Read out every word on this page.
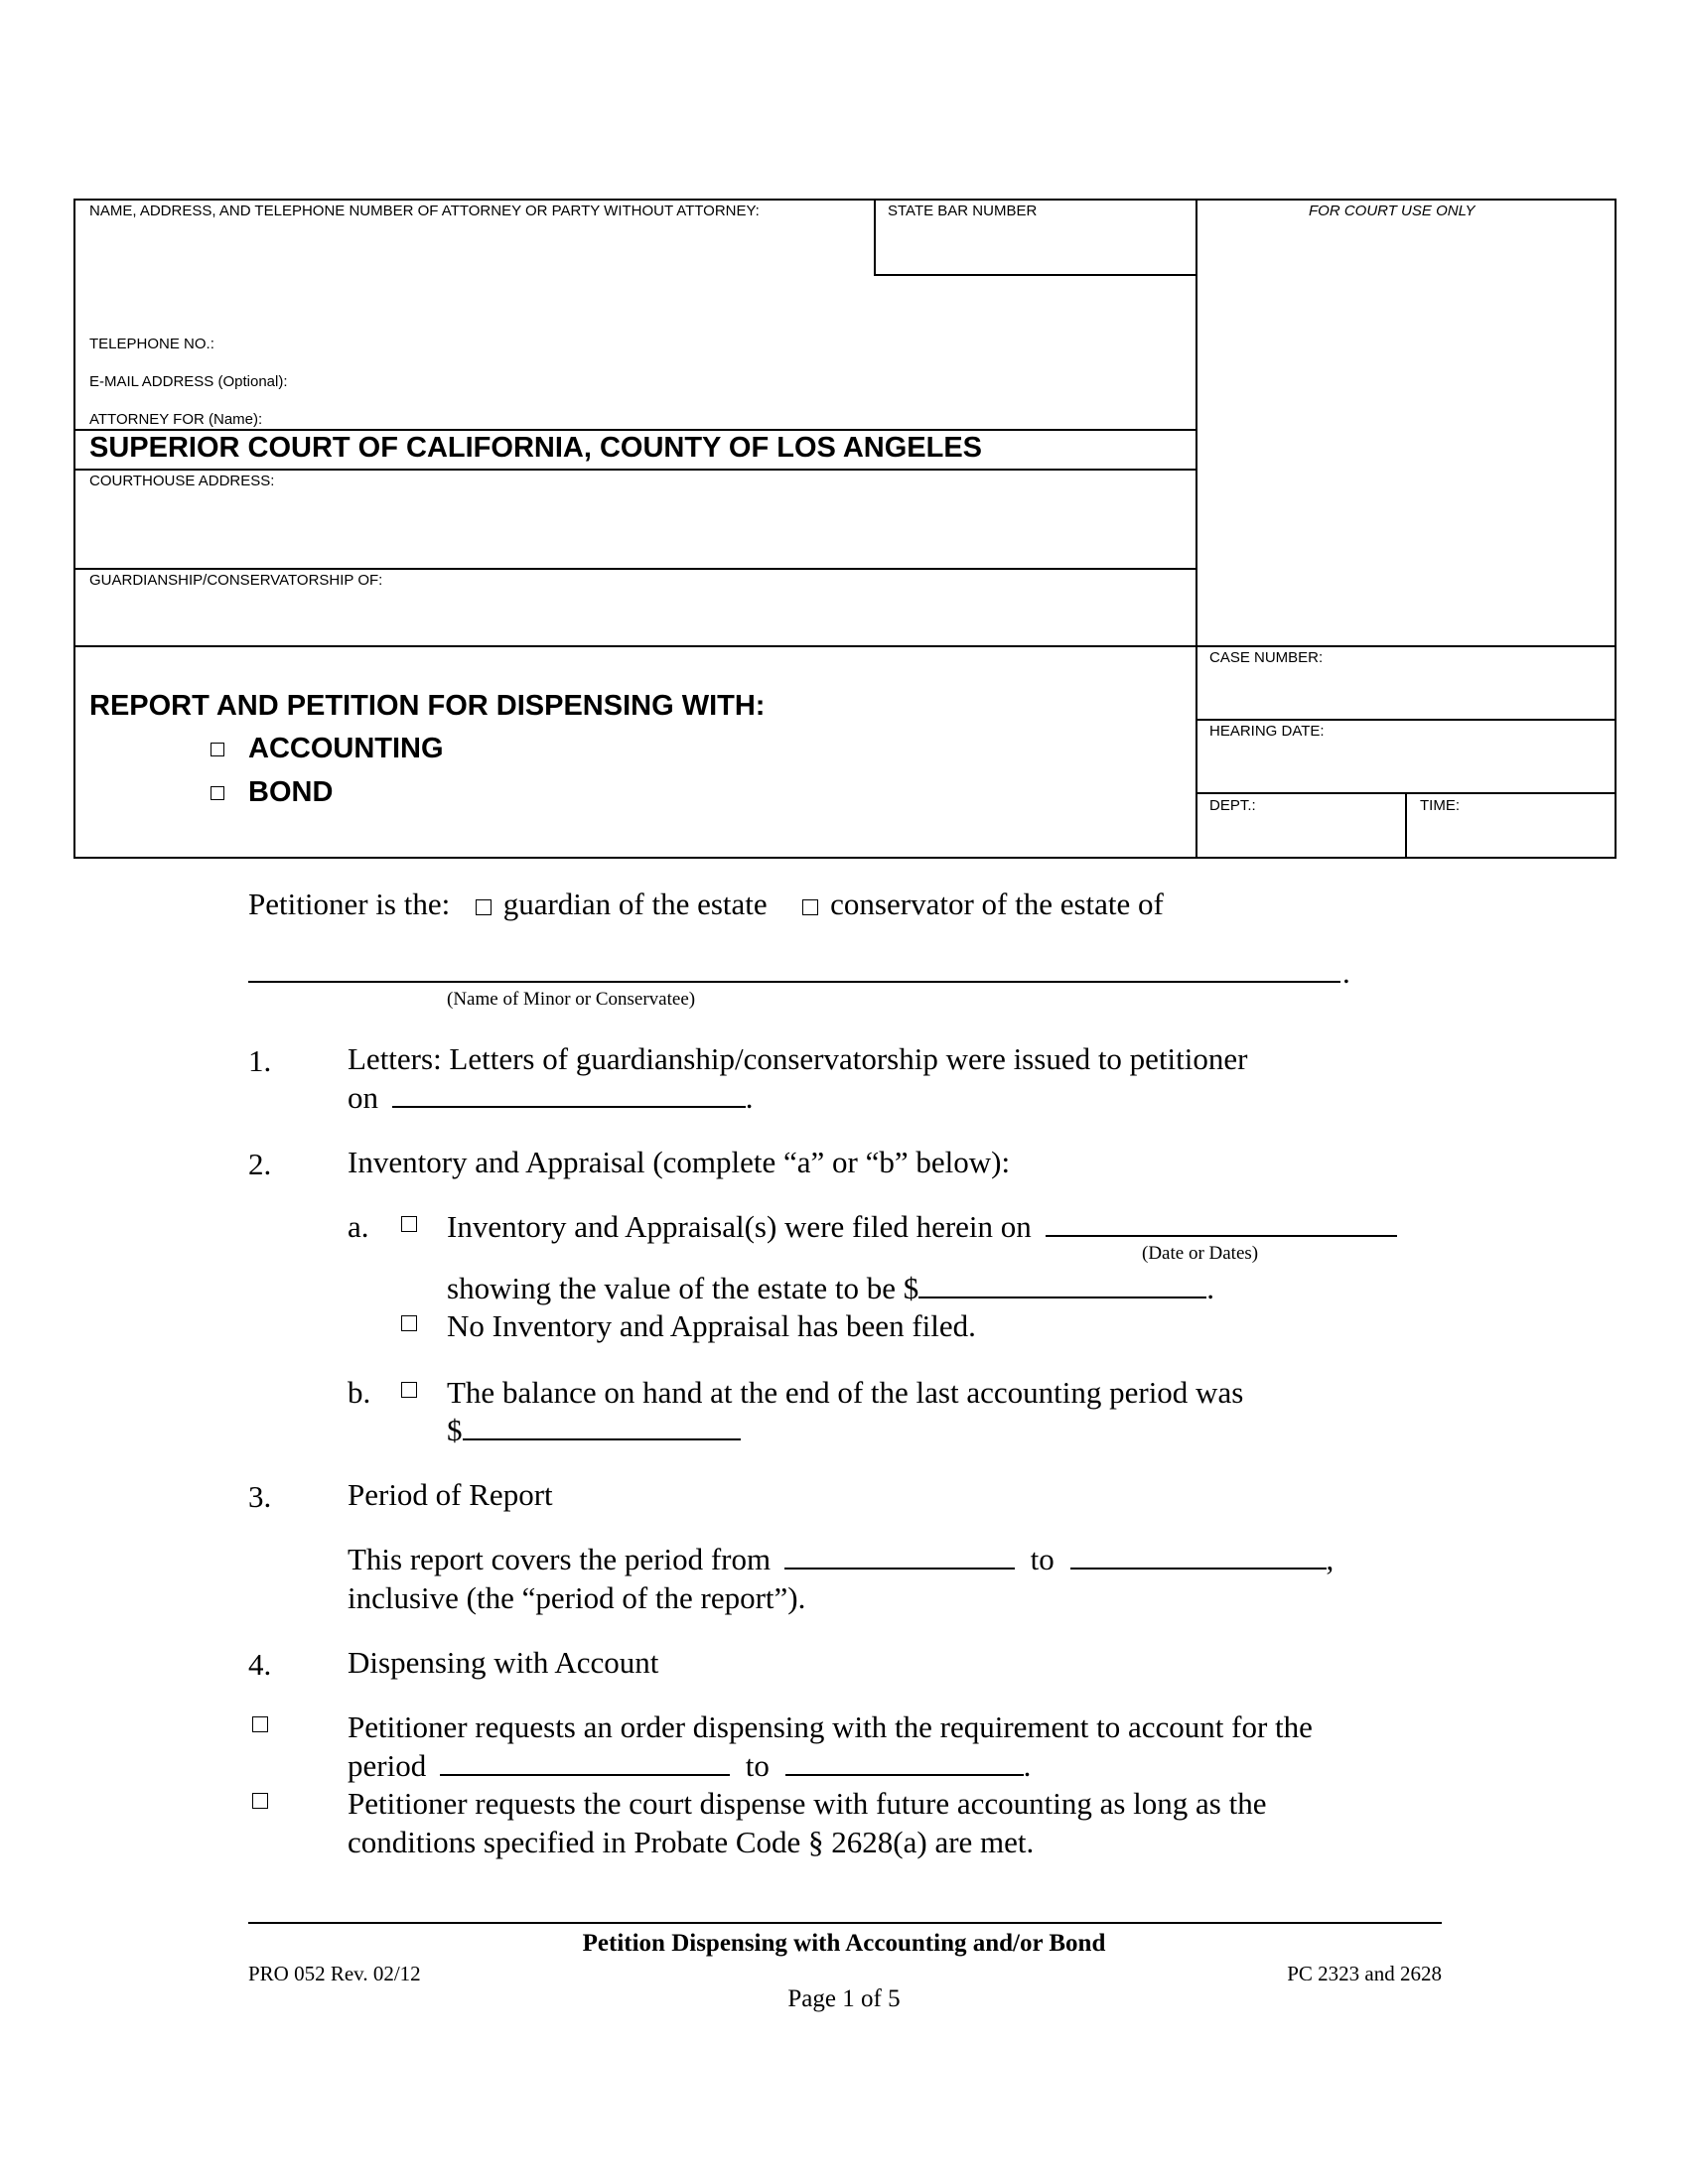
NAME, ADDRESS, AND TELEPHONE NUMBER OF ATTORNEY OR PARTY WITHOUT ATTORNEY:	STATE BAR NUMBER	FOR COURT USE ONLY
TELEPHONE NO.:
E-MAIL ADDRESS (Optional):
ATTORNEY FOR (Name):
SUPERIOR COURT OF CALIFORNIA, COUNTY OF LOS ANGELES
COURTHOUSE ADDRESS:
GUARDIANSHIP/CONSERVATORSHIP OF:
REPORT AND PETITION FOR DISPENSING WITH:
ACCOUNTING
BOND
CASE NUMBER:
HEARING DATE:
DEPT.:	TIME:
Petitioner is the: guardian of the estate conservator of the estate of
.
(Name of Minor or Conservatee)
1. Letters: Letters of guardianship/conservatorship were issued to petitioner
on	.
2. Inventory and Appraisal (complete “a” or “b” below):
a.	Inventory and Appraisal(s) were filed herein on
(Date or Dates)
showing the value of the estate to be $	.
No Inventory and Appraisal has been filed.
b. The balance on hand at the end of the last accounting period was
$
3. Period of Report
This report covers the period from	to	,
inclusive (the “period of the report”).
4. Dispensing with Account
Petitioner requests an order dispensing with the requirement to account for the
period	to	.
Petitioner requests the court dispense with future accounting as long as the
conditions specified in Probate Code § 2628(a) are met.
Petition Dispensing with Accounting and/or Bond
PRO 052 Rev. 02/12	PC 2323 and 2628
Page 1 of 5
